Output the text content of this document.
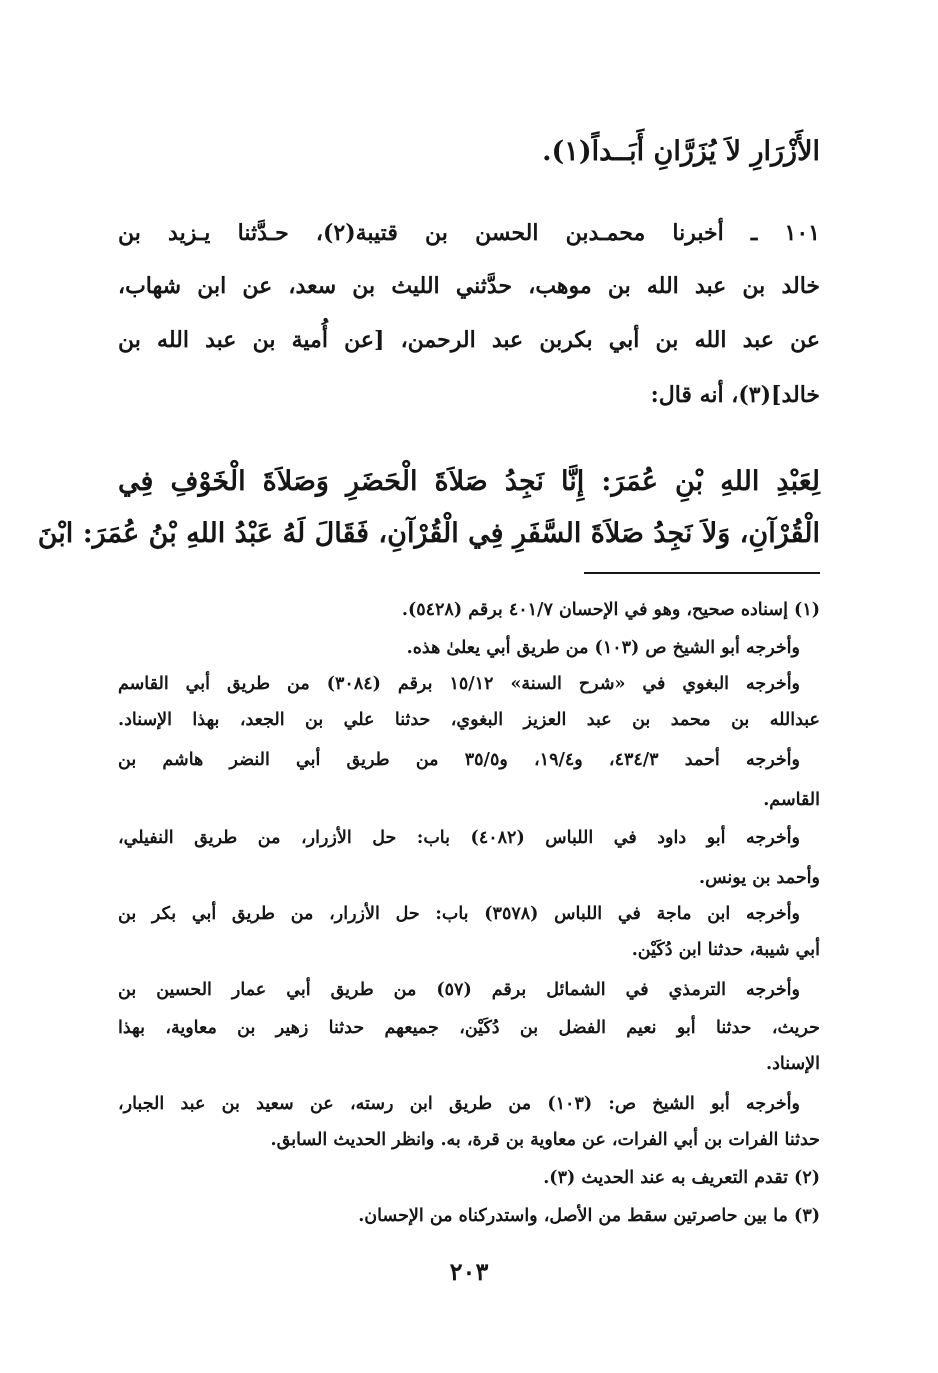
الأَزْرَارِ لاَ يُزَرَّانِ أَبَــداً(١).
١٠١ ـ أخبرنا محمـدبن الحسن بن قتيبة(٢)، حـدَّثنا يـزيد بن
خالد بن عبد الله بن موهب، حدَّثني الليث بن سعد، عن ابن شهاب،
عن عبد الله بن أبي بكربن عبد الرحمن، [عن أُمية بن عبد الله بن
خالد](٣)، أنه قال:
لِعَبْدِ اللهِ بْنِ عُمَرَ: إِنَّا نَجِدُ صَلاَةَ الْحَضَرِ وَصَلاَةَ الْخَوْفِ فِي
الْقُرْآنِ، وَلاَ نَجِدُ صَلاَةَ السَّفَرِ فِي الْقُرْآنِ، فَقَالَ لَهُ عَبْدُ اللهِ بْنُ عُمَرَ: ابْنَ
(١) إسناده صحيح، وهو في الإحسان ٤٠١/٧ برقم (٥٤٢٨).
وأخرجه أبو الشيخ ص (١٠٣) من طريق أبي يعلىٰ هذه.
وأخرجه البغوي في «شرح السنة» ١٥/١٢ برقم (٣٠٨٤) من طريق أبي القاسم
عبدالله بن محمد بن عبد العزيز البغوي، حدثنا علي بن الجعد، بهذا الإسناد.
وأخرجه أحمد ٤٣٤/٣، و١٩/٤، و٣٥/٥ من طريق أبي النضر هاشم بن
القاسم.
وأخرجه أبو داود في اللباس (٤٠٨٢) باب: حل الأزرار، من طريق النفيلي،
وأحمد بن يونس.
وأخرجه ابن ماجة في اللباس (٣٥٧٨) باب: حل الأزرار، من طريق أبي بكر بن
أبي شيبة، حدثنا ابن دُكَيْن.
وأخرجه الترمذي في الشمائل برقم (٥٧) من طريق أبي عمار الحسين بن
حريث، حدثنا أبو نعيم الفضل بن دُكَيْن، جميعهم حدثنا زهير بن معاوية، بهذا
الإسناد.
وأخرجه أبو الشيخ ص: (١٠٣) من طريق ابن رسته، عن سعيد بن عبد الجبار،
حدثنا الفرات بن أبي الفرات، عن معاوية بن قرة، به. وانظر الحديث السابق.
(٢) تقدم التعريف به عند الحديث (٣).
(٣) ما بين حاصرتين سقط من الأصل، واستدركناه من الإحسان.
٢٠٣
